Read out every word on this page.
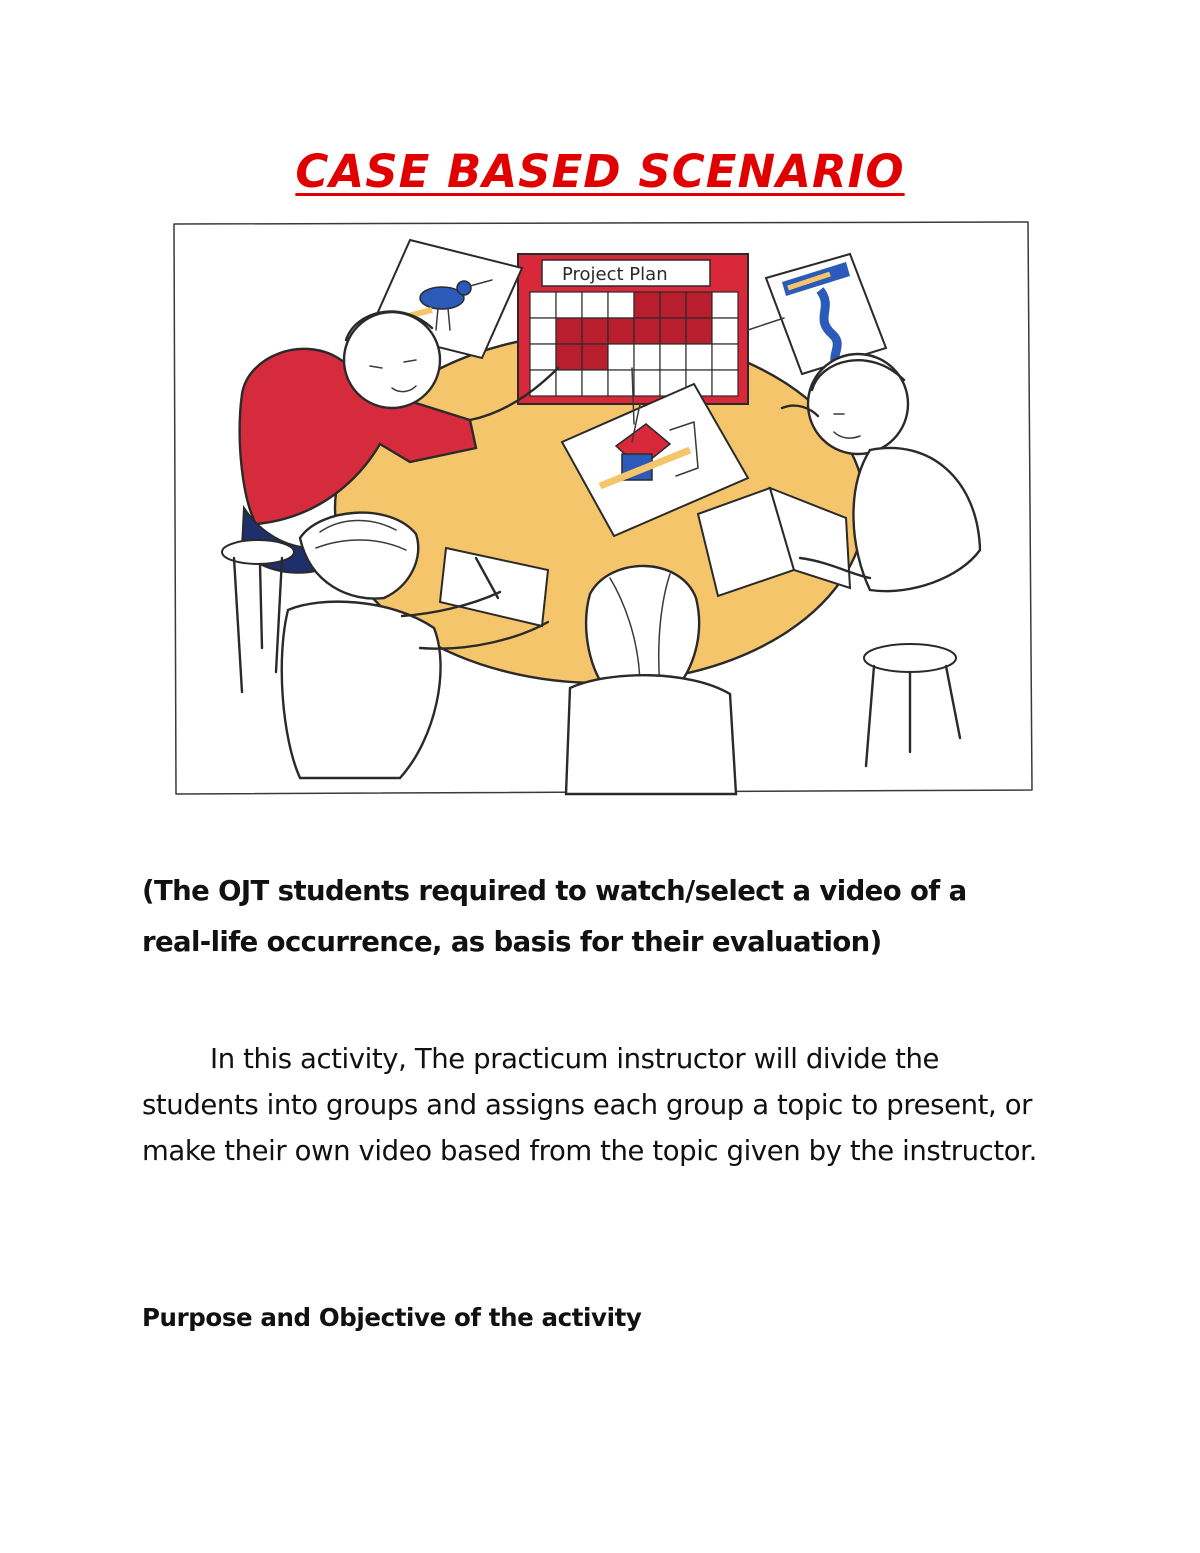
CASE BASED SCENARIO
Project Plan

(The OJT students required to watch/select a video of a real-life occurrence, as basis for their evaluation)

In this activity, The practicum instructor will divide the students into groups and assigns each group a topic to present, or make their own video based from the topic given by the instructor.

Purpose and Objective of the activity
